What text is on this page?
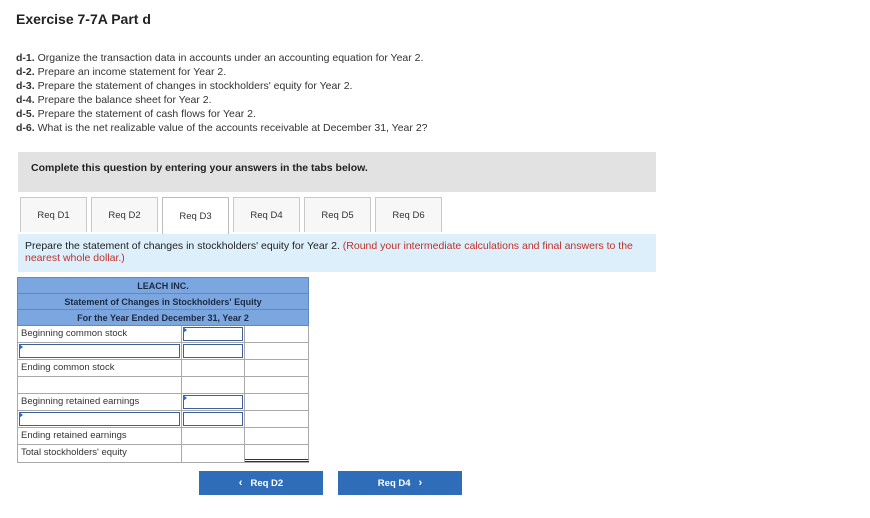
Exercise 7-7A Part d
d-1. Organize the transaction data in accounts under an accounting equation for Year 2.
d-2. Prepare an income statement for Year 2.
d-3. Prepare the statement of changes in stockholders' equity for Year 2.
d-4. Prepare the balance sheet for Year 2.
d-5. Prepare the statement of cash flows for Year 2.
d-6. What is the net realizable value of the accounts receivable at December 31, Year 2?
Complete this question by entering your answers in the tabs below.
Req D1	Req D2	Req D3	Req D4	Req D5	Req D6
Prepare the statement of changes in stockholders' equity for Year 2. (Round your intermediate calculations and final answers to the nearest whole dollar.)
LEACH INC.
Statement of Changes in Stockholders' Equity
For the Year Ended December 31, Year 2
Beginning common stock
Ending common stock
Beginning retained earnings
Ending retained earnings
Total stockholders' equity
‹ Req D2	Req D4 ›
